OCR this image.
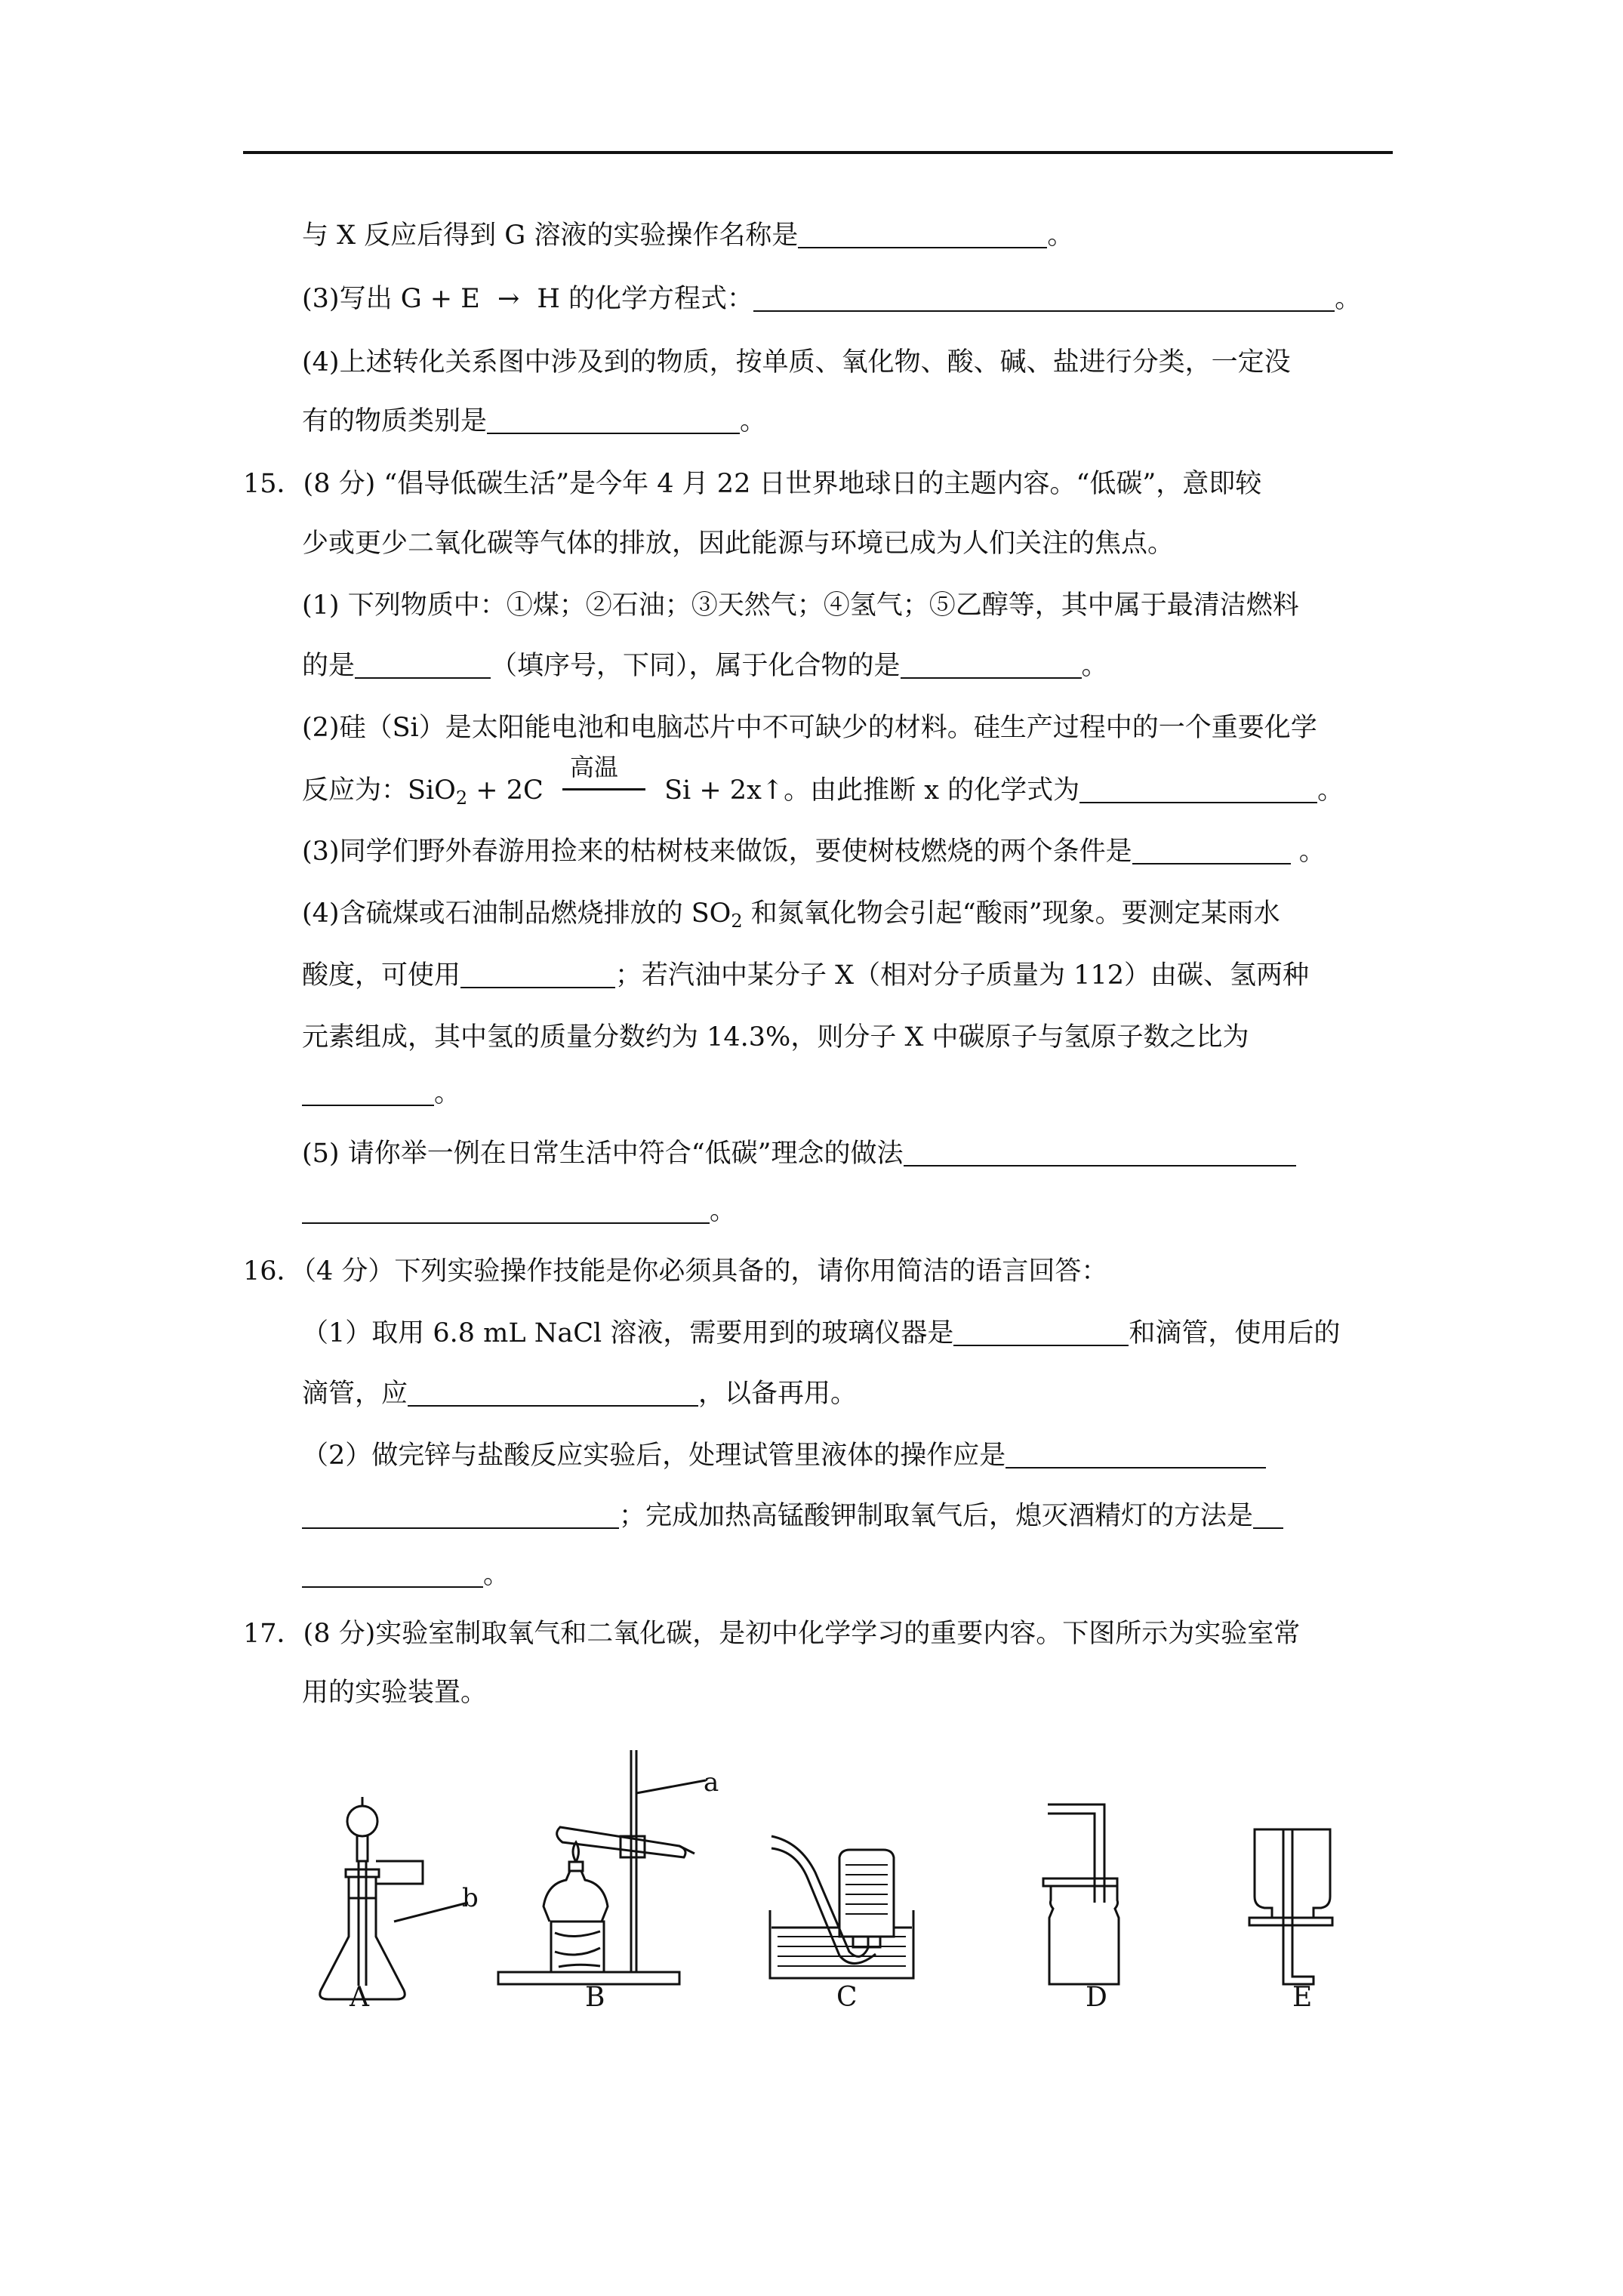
与 X 反应后得到 G 溶液的实验操作名称是	。
(3)写出 G + E → H 的化学方程式：	。
(4)上述转化关系图中涉及到的物质，按单质、氧化物、酸、碱、盐进行分类，一定没
有的物质类别是	。
15．(8 分) “倡导低碳生活”是今年 4 月 22 日世界地球日的主题内容。“低碳”，意即较
少或更少二氧化碳等气体的排放，因此能源与环境已成为人们关注的焦点。
(1) 下列物质中：①煤；②石油；③天然气；④氢气；⑤乙醇等，其中属于最清洁燃料
的是	（填序号，下同），属于化合物的是	。
(2)硅（Si）是太阳能电池和电脑芯片中不可缺少的材料。硅生产过程中的一个重要化学
反应为：SiO$_2$ + 2C
高温
Si + 2x↑。由此推断 x 的化学式为	。
(3)同学们野外春游用捡来的枯树枝来做饭，要使树枝燃烧的两个条件是	。
(4)含硫煤或石油制品燃烧排放的 $SO_2$ 和氮氧化物会引起“酸雨”现象。要测定某雨水
酸度，可使用	；若汽油中某分子 X（相对分子质量为 112）由碳、氢两种
元素组成，其中氢的质量分数约为 14.3%，则分子 X 中碳原子与氢原子数之比为
。
(5) 请你举一例在日常生活中符合“低碳”理念的做法
。
16．（4 分）下列实验操作技能是你必须具备的，请你用简洁的语言回答：
（1）取用 6.8 mL NaCl 溶液，需要用到的玻璃仪器是	和滴管，使用后的
滴管，应	，以备再用。
（2）做完锌与盐酸反应实验后，处理试管里液体的操作应是
；完成加热高锰酸钾制取氧气后，熄灭酒精灯的方法是
。
17．(8 分)实验室制取氧气和二氧化碳，是初中化学学习的重要内容。下图所示为实验室常
用的实验装置。
b
a
A	B	C	D	E
